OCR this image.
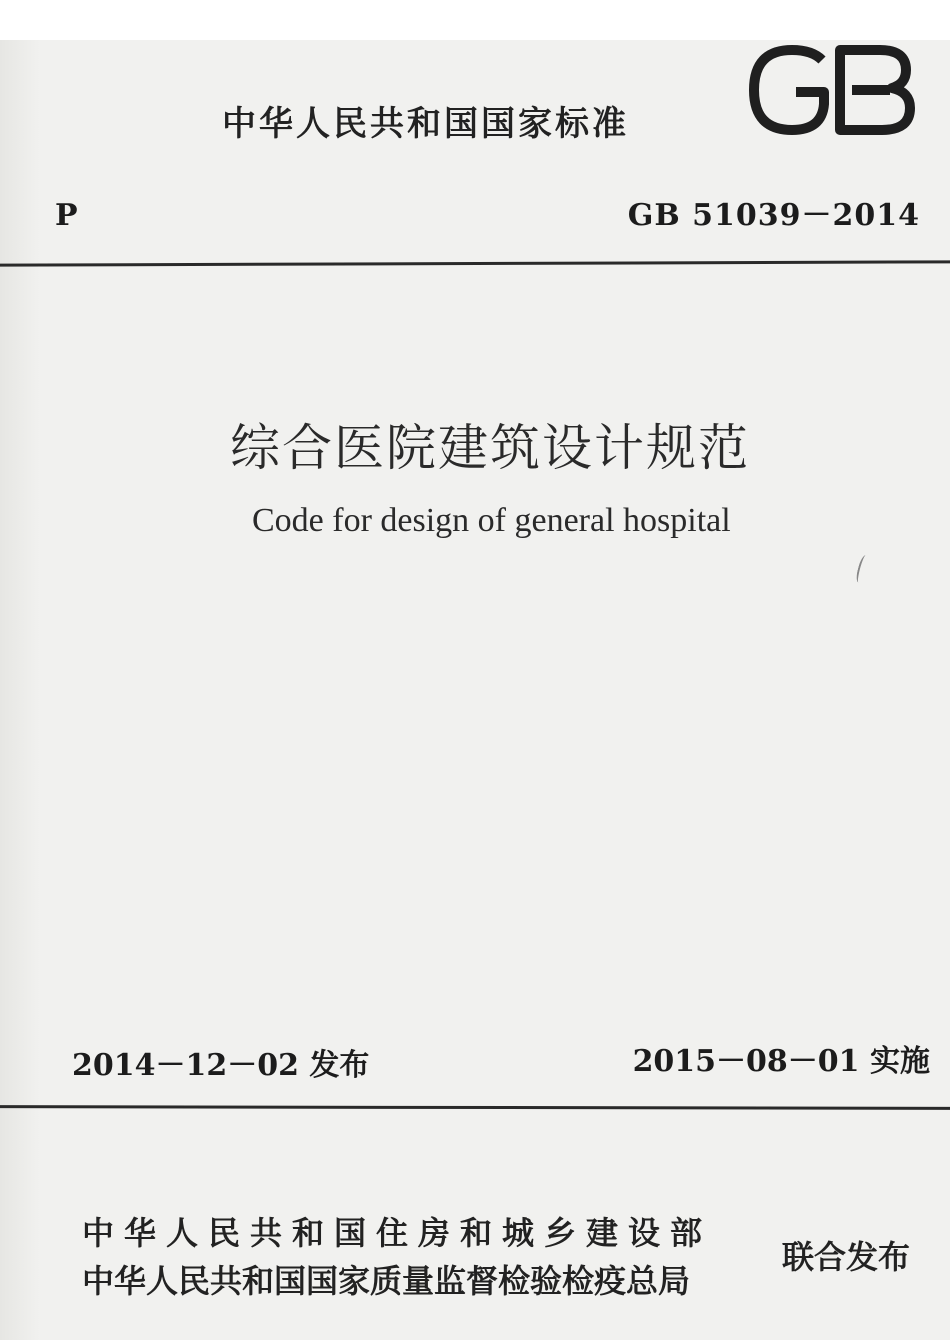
中华人民共和国国家标准
P	GB 51039－2014
综合医院建筑设计规范
Code for design of general hospital
2014－12－02 发布	2015－08－01 实施
中华人民共和国住房和城乡建设部
中华人民共和国国家质量监督检验检疫总局
联合发布
